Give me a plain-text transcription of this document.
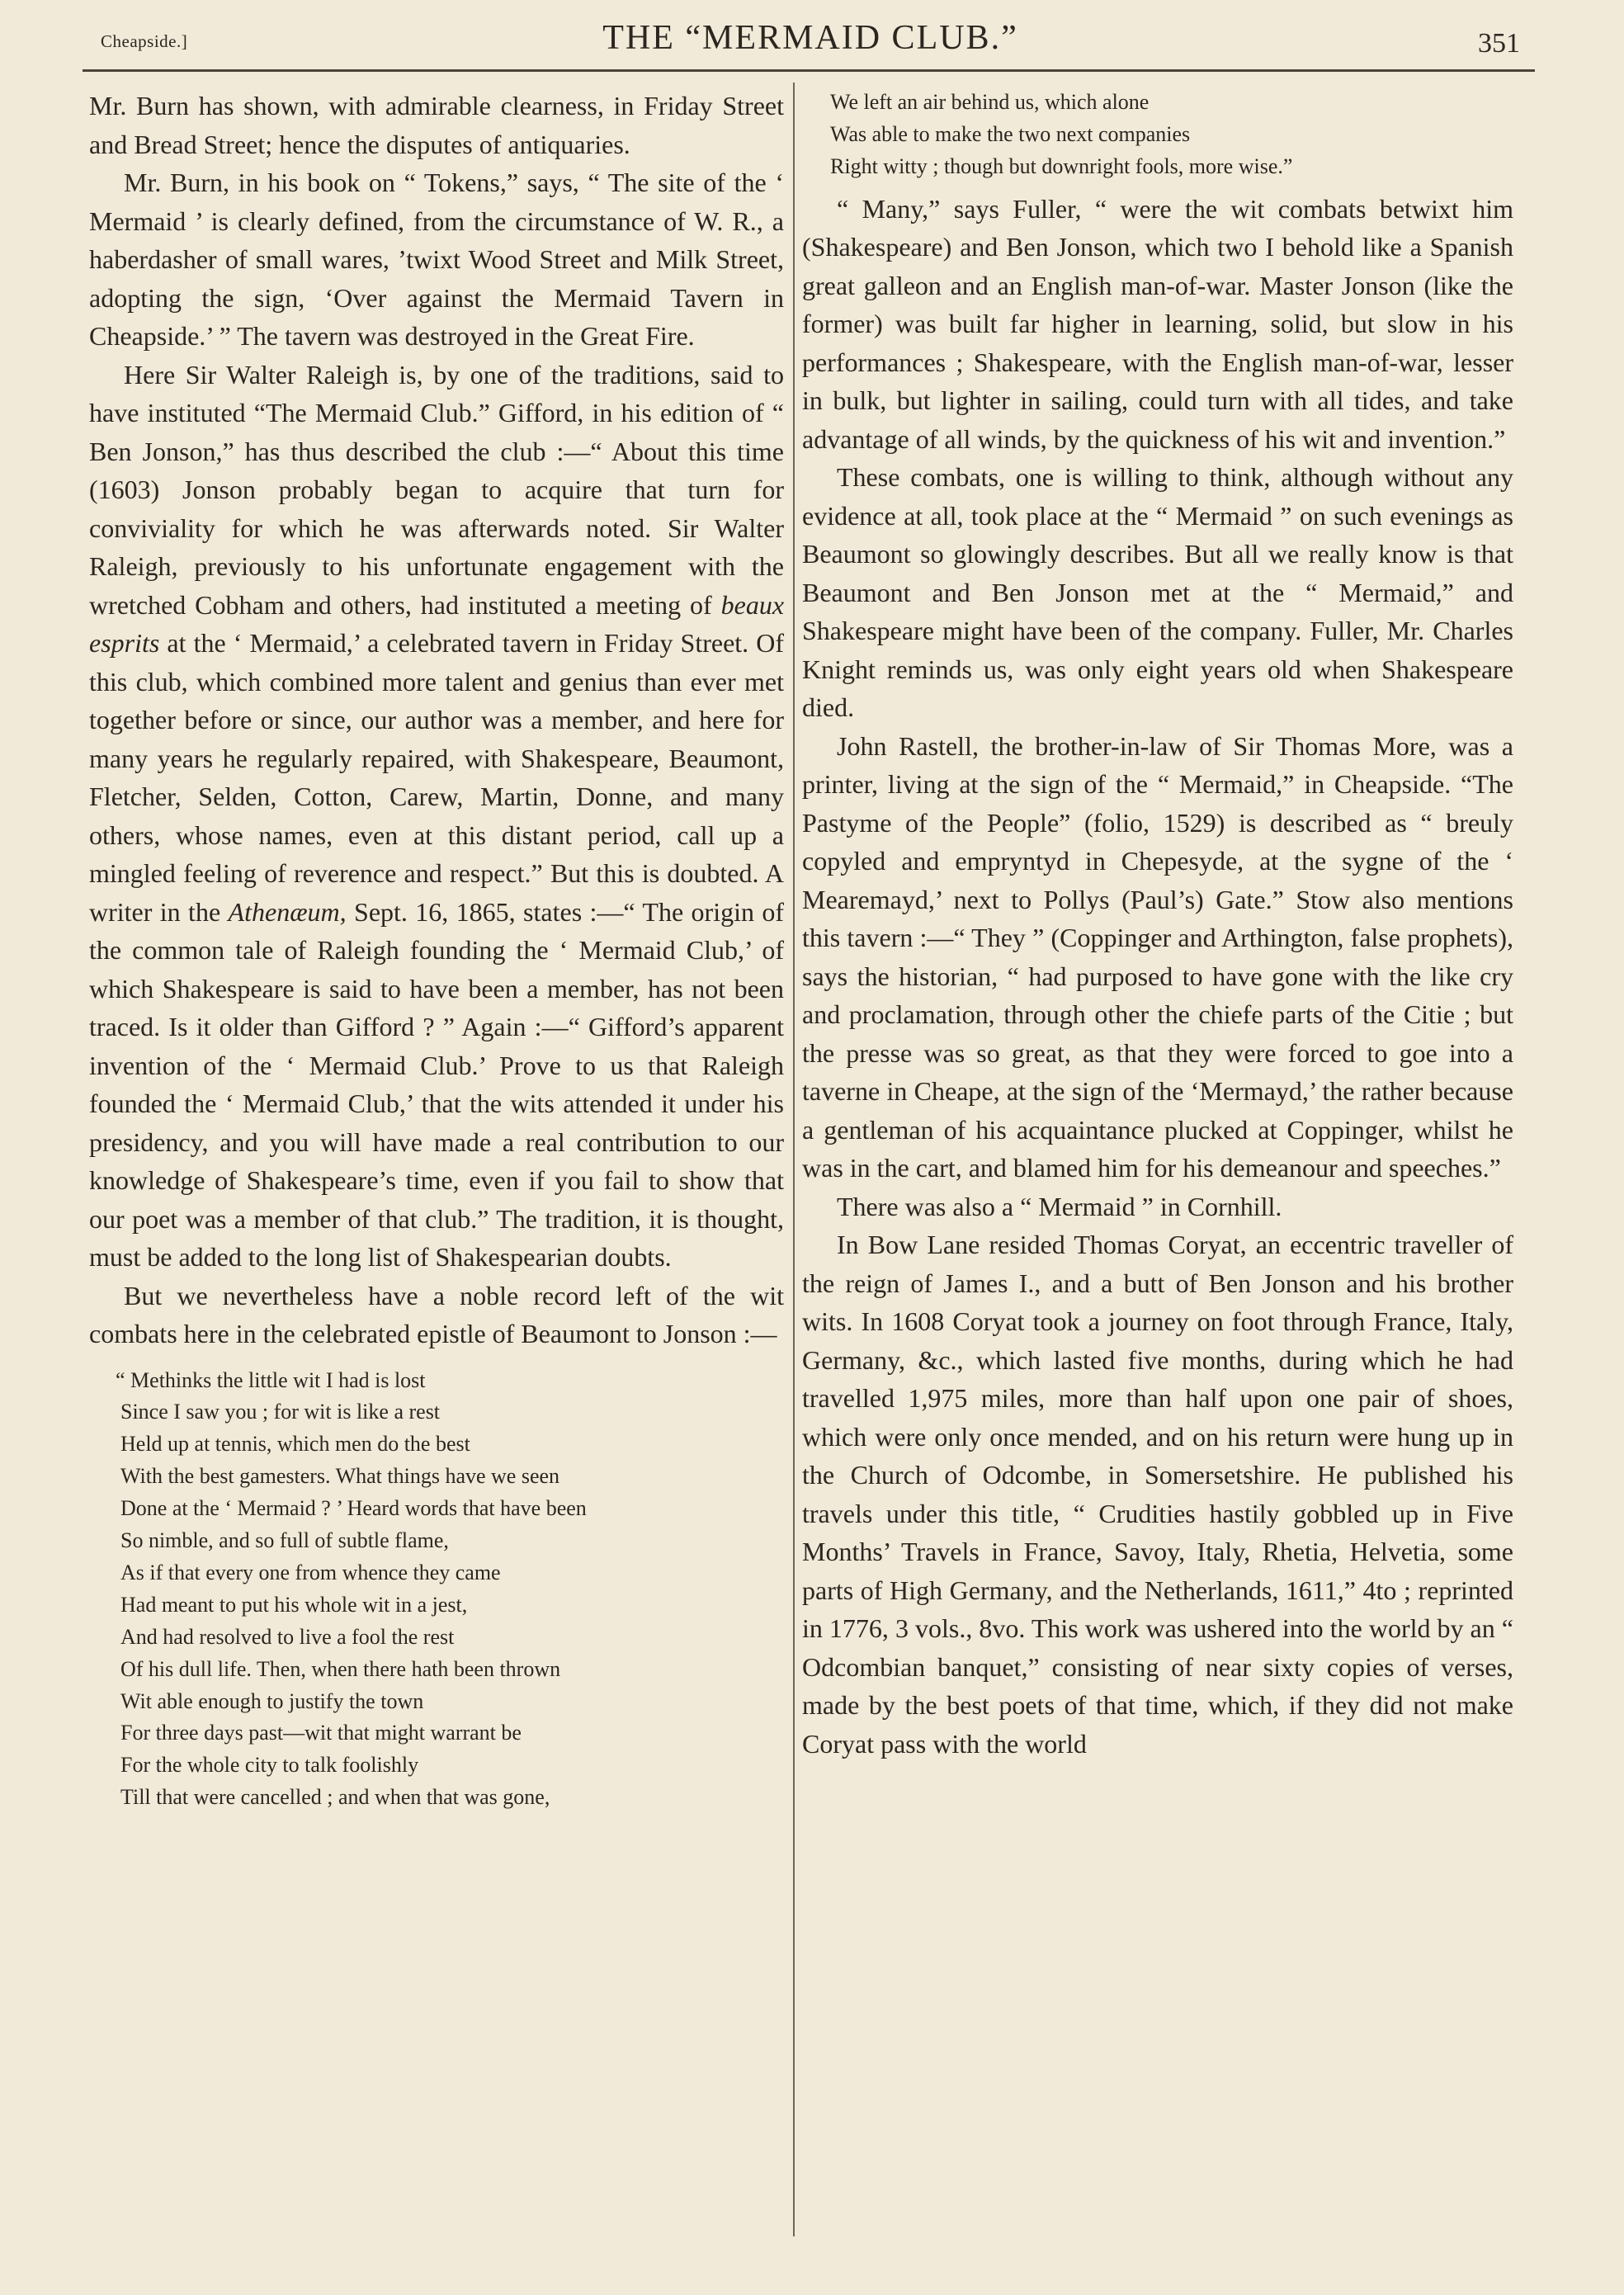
Cheapside.]	THE “MERMAID CLUB.”	351

Mr. Burn has shown, with admirable clearness, in Friday Street and Bread Street; hence the disputes of antiquaries.

Mr. Burn, in his book on “ Tokens,” says, “ The site of the ‘ Mermaid ’ is clearly defined, from the circumstance of W. R., a haberdasher of small wares, ’twixt Wood Street and Milk Street, adopting the sign, ‘Over against the Mermaid Tavern in Cheapside.’ ” The tavern was destroyed in the Great Fire.

Here Sir Walter Raleigh is, by one of the traditions, said to have instituted “The Mermaid Club.” Gifford, in his edition of “ Ben Jonson,” has thus described the club :—“ About this time (1603) Jonson probably began to acquire that turn for conviviality for which he was afterwards noted. Sir Walter Raleigh, previously to his unfortunate engagement with the wretched Cobham and others, had instituted a meeting of beaux esprits at the ‘ Mermaid,’ a celebrated tavern in Friday Street. Of this club, which combined more talent and genius than ever met together before or since, our author was a member, and here for many years he regularly repaired, with Shakespeare, Beaumont, Fletcher, Selden, Cotton, Carew, Martin, Donne, and many others, whose names, even at this distant period, call up a mingled feeling of reverence and respect.” But this is doubted. A writer in the Athenæum, Sept. 16, 1865, states :—“ The origin of the common tale of Raleigh founding the ‘ Mermaid Club,’ of which Shakespeare is said to have been a member, has not been traced. Is it older than Gifford ? ” Again :—“ Gifford’s apparent invention of the ‘ Mermaid Club.’ Prove to us that Raleigh founded the ‘ Mermaid Club,’ that the wits attended it under his presidency, and you will have made a real contribution to our knowledge of Shakespeare’s time, even if you fail to show that our poet was a member of that club.” The tradition, it is thought, must be added to the long list of Shakespearian doubts.

But we nevertheless have a noble record left of the wit combats here in the celebrated epistle of Beaumont to Jonson :—

“ Methinks the little wit I had is lost
Since I saw you ; for wit is like a rest
Held up at tennis, which men do the best
With the best gamesters. What things have we seen
Done at the ‘ Mermaid ? ’ Heard words that have been
So nimble, and so full of subtle flame,
As if that every one from whence they came
Had meant to put his whole wit in a jest,
And had resolved to live a fool the rest
Of his dull life. Then, when there hath been thrown
Wit able enough to justify the town
For three days past—wit that might warrant be
For the whole city to talk foolishly
Till that were cancelled ; and when that was gone,
We left an air behind us, which alone
Was able to make the two next companies
Right witty ; though but downright fools, more wise.”

“ Many,” says Fuller, “ were the wit combats betwixt him (Shakespeare) and Ben Jonson, which two I behold like a Spanish great galleon and an English man-of-war. Master Jonson (like the former) was built far higher in learning, solid, but slow in his performances ; Shakespeare, with the English man-of-war, lesser in bulk, but lighter in sailing, could turn with all tides, and take advantage of all winds, by the quickness of his wit and invention.”

These combats, one is willing to think, although without any evidence at all, took place at the “ Mermaid ” on such evenings as Beaumont so glowingly describes. But all we really know is that Beaumont and Ben Jonson met at the “ Mermaid,” and Shakespeare might have been of the company. Fuller, Mr. Charles Knight reminds us, was only eight years old when Shakespeare died.

John Rastell, the brother-in-law of Sir Thomas More, was a printer, living at the sign of the “ Mermaid,” in Cheapside. “The Pastyme of the People” (folio, 1529) is described as “ breuly copyled and empryntyd in Chepesyde, at the sygne of the ‘ Mearemayd,’ next to Pollys (Paul’s) Gate.” Stow also mentions this tavern :—“ They ” (Coppinger and Arthington, false prophets), says the historian, “ had purposed to have gone with the like cry and proclamation, through other the chiefe parts of the Citie ; but the presse was so great, as that they were forced to goe into a taverne in Cheape, at the sign of the ‘Mermayd,’ the rather because a gentleman of his acquaintance plucked at Coppinger, whilst he was in the cart, and blamed him for his demeanour and speeches.”

There was also a “ Mermaid ” in Cornhill.

In Bow Lane resided Thomas Coryat, an eccentric traveller of the reign of James I., and a butt of Ben Jonson and his brother wits. In 1608 Coryat took a journey on foot through France, Italy, Germany, &c., which lasted five months, during which he had travelled 1,975 miles, more than half upon one pair of shoes, which were only once mended, and on his return were hung up in the Church of Odcombe, in Somersetshire. He published his travels under this title, “ Crudities hastily gobbled up in Five Months’ Travels in France, Savoy, Italy, Rhetia, Helvetia, some parts of High Germany, and the Netherlands, 1611,” 4to ; reprinted in 1776, 3 vols., 8vo. This work was ushered into the world by an “ Odcombian banquet,” consisting of near sixty copies of verses, made by the best poets of that time, which, if they did not make Coryat pass with the world
